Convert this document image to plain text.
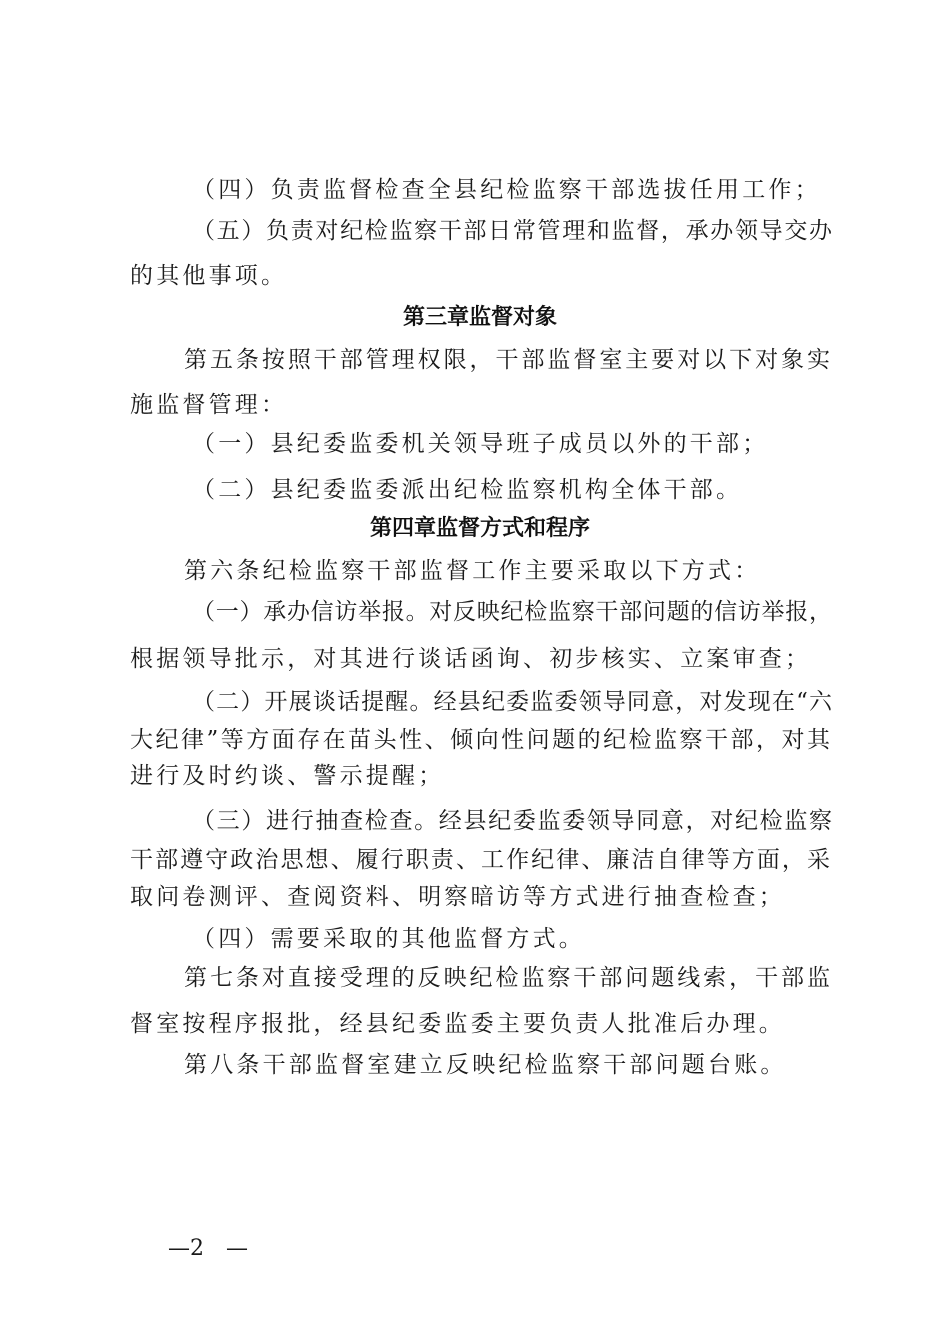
（四）负责监督检查全县纪检监察干部选拔任用工作；
（五）负责对纪检监察干部日常管理和监督，承办领导交办
的其他事项。
第三章监督对象
第五条按照干部管理权限，干部监督室主要对以下对象实
施监督管理：
（一）县纪委监委机关领导班子成员以外的干部；
（二）县纪委监委派出纪检监察机构全体干部。
第四章监督方式和程序
第六条纪检监察干部监督工作主要采取以下方式：
（一）承办信访举报。对反映纪检监察干部问题的信访举报，
根据领导批示，对其进行谈话函询、初步核实、立案审查；
（二）开展谈话提醒。经县纪委监委领导同意，对发现在“六
大纪律”等方面存在苗头性、倾向性问题的纪检监察干部，对其
进行及时约谈、警示提醒；
（三）进行抽查检查。经县纪委监委领导同意，对纪检监察
干部遵守政治思想、履行职责、工作纪律、廉洁自律等方面，采
取问卷测评、查阅资料、明察暗访等方式进行抽查检查；
（四）需要采取的其他监督方式。
第七条对直接受理的反映纪检监察干部问题线索，干部监
督室按程序报批，经县纪委监委主要负责人批准后办理。
第八条干部监督室建立反映纪检监察干部问题台账。
—2　—
